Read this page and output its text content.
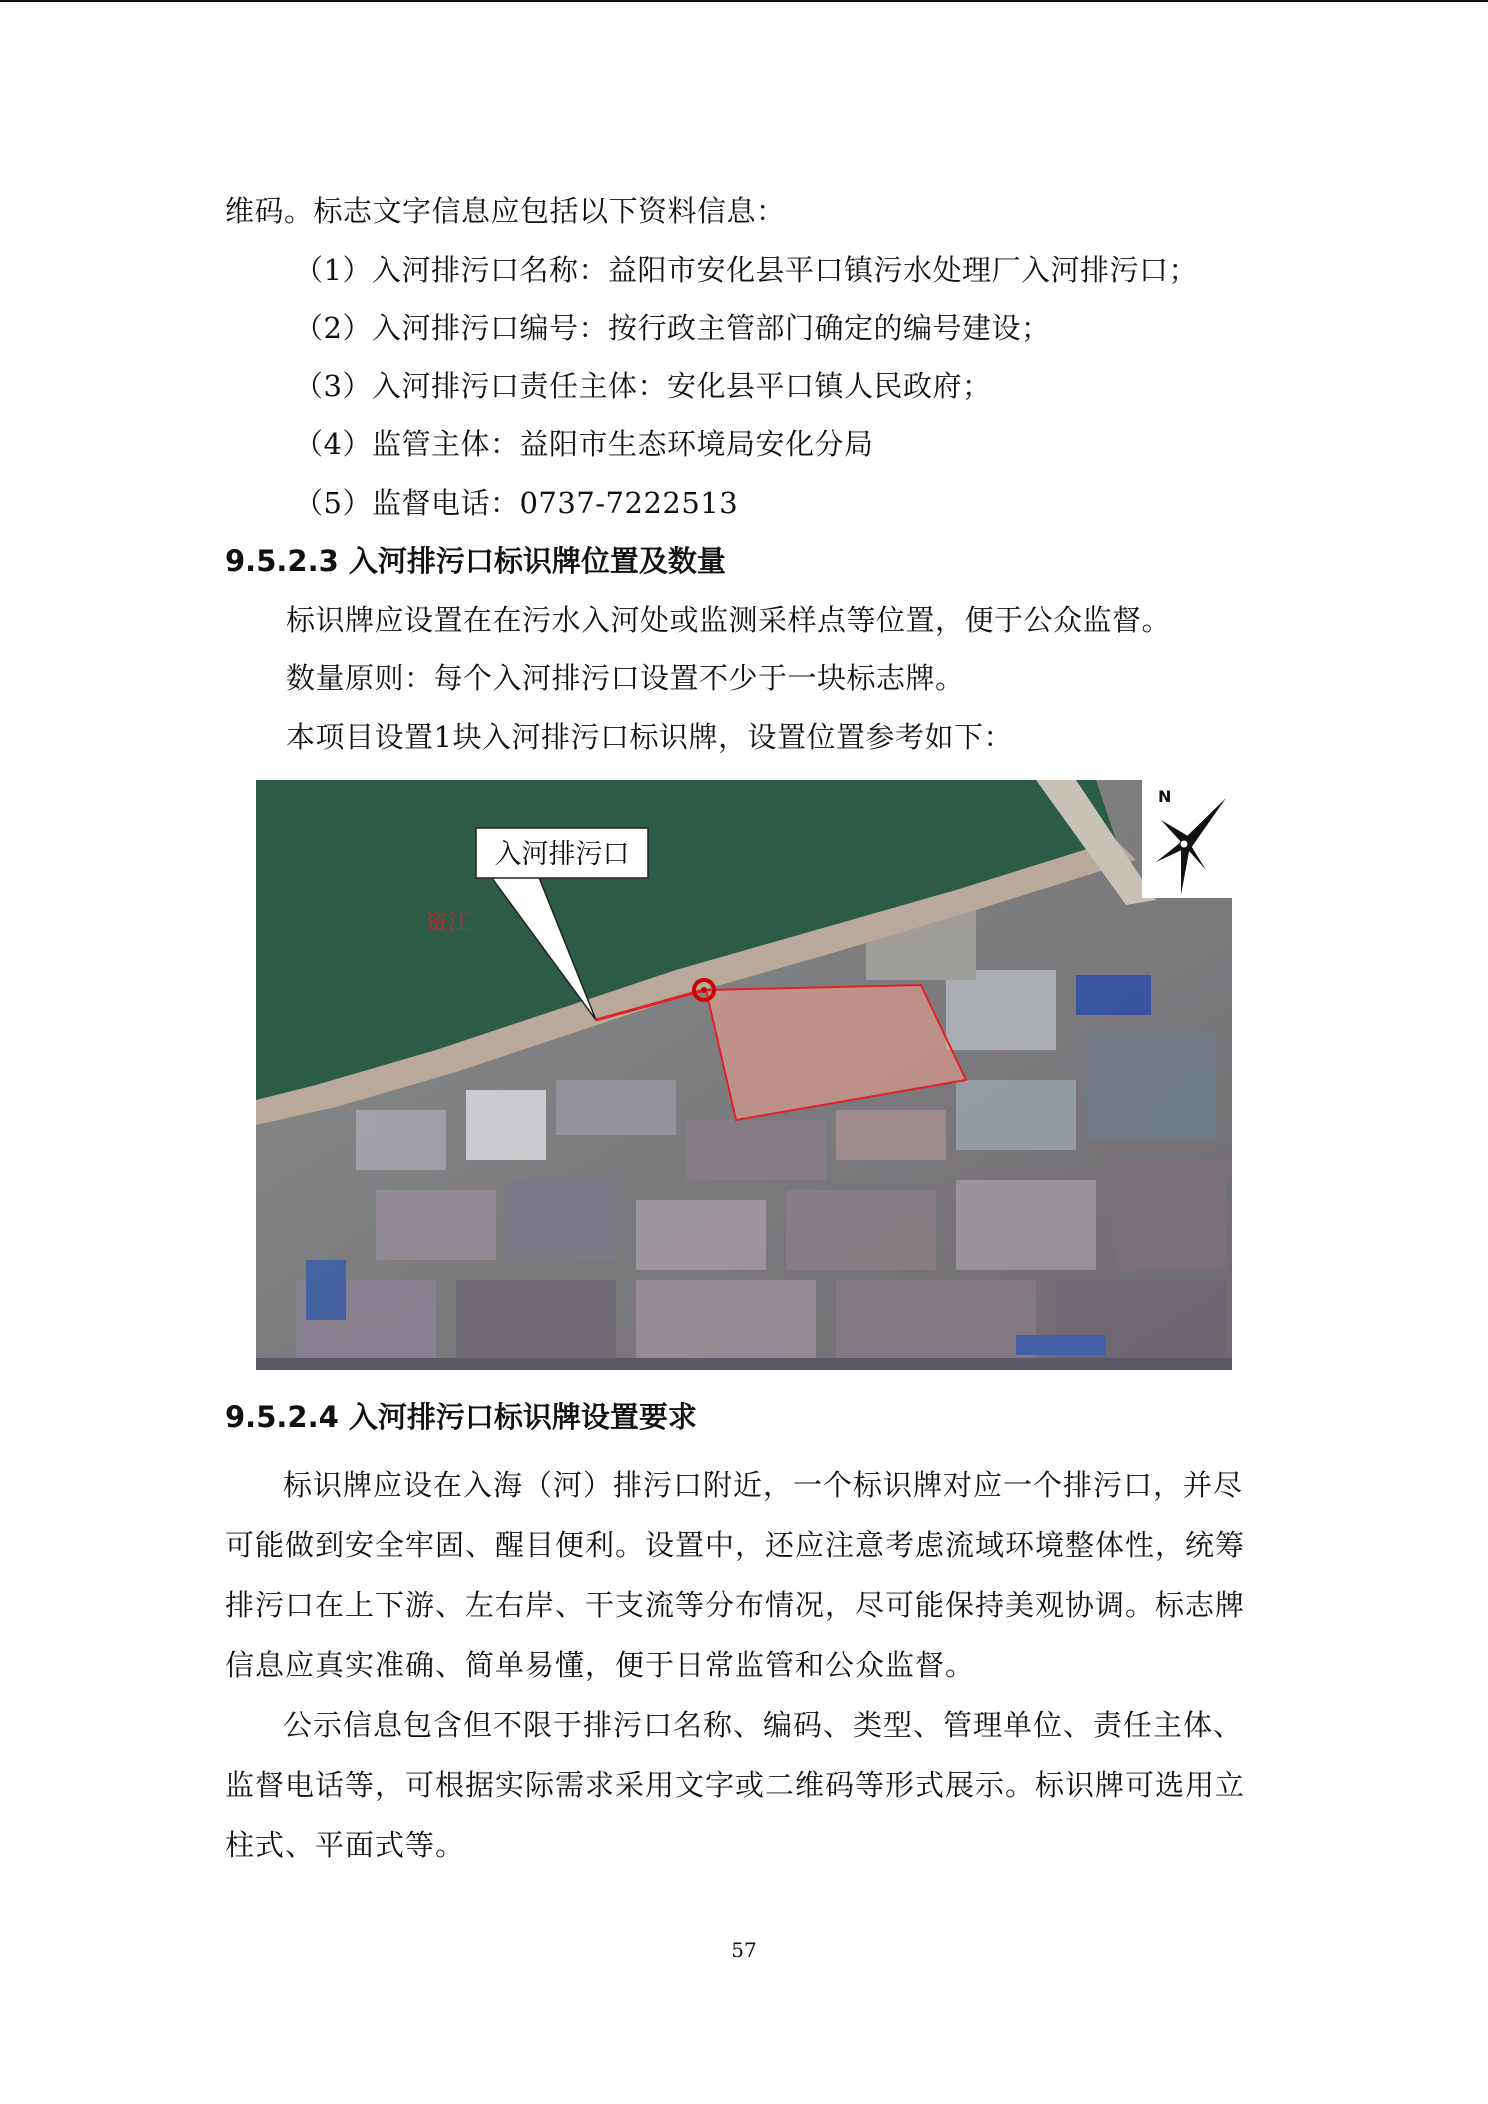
维码。标志文字信息应包括以下资料信息：
（1）入河排污口名称：益阳市安化县平口镇污水处理厂入河排污口；
（2）入河排污口编号：按行政主管部门确定的编号建设；
（3）入河排污口责任主体：安化县平口镇人民政府；
（4）监管主体：益阳市生态环境局安化分局
（5）监督电话：0737-7222513
9.5.2.3 入河排污口标识牌位置及数量
标识牌应设置在在污水入河处或监测采样点等位置，便于公众监督。
数量原则：每个入河排污口设置不少于一块标志牌。
本项目设置1块入河排污口标识牌，设置位置参考如下：
入河排污口
资江
N
9.5.2.4 入河排污口标识牌设置要求
标识牌应设在入海（河）排污口附近，一个标识牌对应一个排污口，并尽可能做到安全牢固、醒目便利。设置中，还应注意考虑流域环境整体性，统筹排污口在上下游、左右岸、干支流等分布情况，尽可能保持美观协调。标志牌信息应真实准确、简单易懂，便于日常监管和公众监督。
公示信息包含但不限于排污口名称、编码、类型、管理单位、责任主体、监督电话等，可根据实际需求采用文字或二维码等形式展示。标识牌可选用立柱式、平面式等。
57
